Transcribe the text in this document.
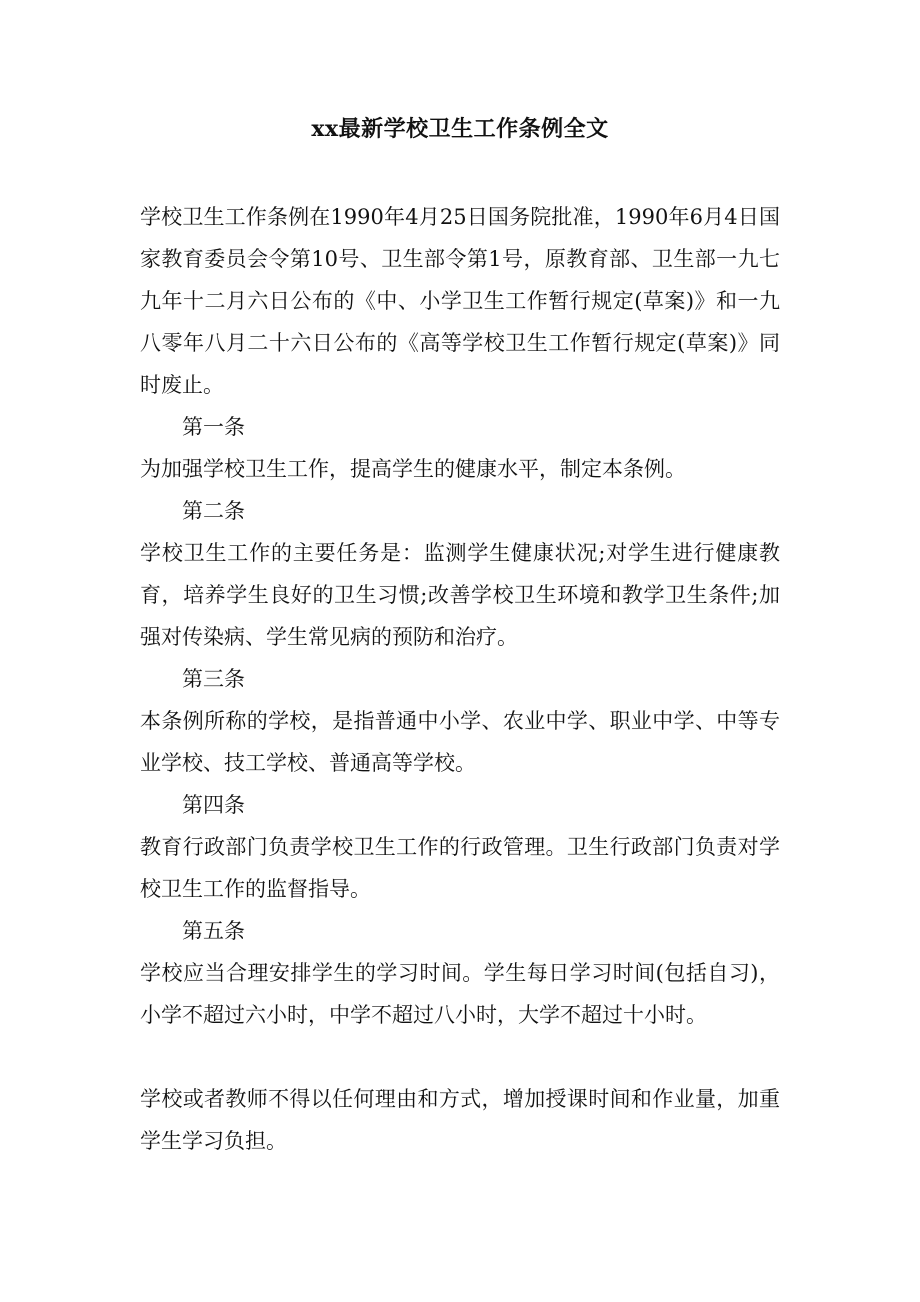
xx最新学校卫生工作条例全文

学校卫生工作条例在1990年4月25日国务院批准，1990年6月4日国家教育委员会令第10号、卫生部令第1号，原教育部、卫生部一九七九年十二月六日公布的《中、小学卫生工作暂行规定(草案)》和一九八零年八月二十六日公布的《高等学校卫生工作暂行规定(草案)》同时废止。

第一条

为加强学校卫生工作，提高学生的健康水平，制定本条例。

第二条

学校卫生工作的主要任务是：监测学生健康状况;对学生进行健康教育，培养学生良好的卫生习惯;改善学校卫生环境和教学卫生条件;加强对传染病、学生常见病的预防和治疗。

第三条

本条例所称的学校，是指普通中小学、农业中学、职业中学、中等专业学校、技工学校、普通高等学校。

第四条

教育行政部门负责学校卫生工作的行政管理。卫生行政部门负责对学校卫生工作的监督指导。

第五条

学校应当合理安排学生的学习时间。学生每日学习时间(包括自习)，小学不超过六小时，中学不超过八小时，大学不超过十小时。

学校或者教师不得以任何理由和方式，增加授课时间和作业量，加重学生学习负担。
